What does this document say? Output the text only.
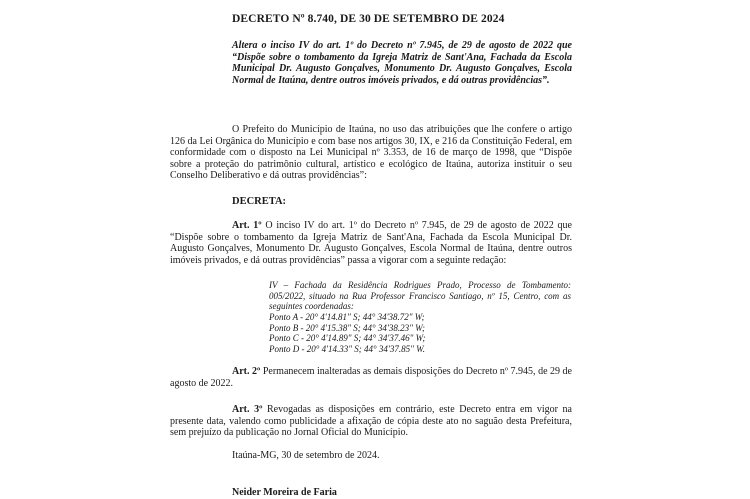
DECRETO Nº 8.740, DE 30 DE SETEMBRO DE 2024
Altera o inciso IV do art. 1º do Decreto nº 7.945, de 29 de agosto de 2022 que “Dispõe sobre o tombamento da Igreja Matriz de Sant'Ana, Fachada da Escola Municipal Dr. Augusto Gonçalves, Monumento Dr. Augusto Gonçalves, Escola Normal de Itaúna, dentre outros imóveis privados, e dá outras providências”.
O Prefeito do Município de Itaúna, no uso das atribuições que lhe confere o artigo 126 da Lei Orgânica do Município e com base nos artigos 30, IX, e 216 da Constituição Federal, em conformidade com o disposto na Lei Municipal nº 3.353, de 16 de março de 1998, que “Dispõe sobre a proteção do patrimônio cultural, artístico e ecológico de Itaúna, autoriza instituir o seu Conselho Deliberativo e dá outras providências”:
DECRETA:
Art. 1º O inciso IV do art. 1º do Decreto nº 7.945, de 29 de agosto de 2022 que “Dispõe sobre o tombamento da Igreja Matriz de Sant'Ana, Fachada da Escola Municipal Dr. Augusto Gonçalves, Monumento Dr. Augusto Gonçalves, Escola Normal de Itaúna, dentre outros imóveis privados, e dá outras providências” passa a vigorar com a seguinte redação:
IV – Fachada da Residência Rodrigues Prado, Processo de Tombamento: 005/2022, situado na Rua Professor Francisco Santiago, nº 15, Centro, com as seguintes coordenadas:
Ponto A - 20° 4'14.81" S; 44° 34'38.72" W;
Ponto B - 20° 4'15.38" S; 44° 34'38.23" W;
Ponto C - 20° 4'14.89" S; 44° 34'37.46" W;
Ponto D - 20° 4'14.33" S; 44° 34'37.85" W.
Art. 2º Permanecem inalteradas as demais disposições do Decreto nº 7.945, de 29 de agosto de 2022.
Art. 3º Revogadas as disposições em contrário, este Decreto entra em vigor na presente data, valendo como publicidade a afixação de cópia deste ato no saguão desta Prefeitura, sem prejuízo da publicação no Jornal Oficial do Município.
Itaúna-MG, 30 de setembro de 2024.
Neider Moreira de Faria
